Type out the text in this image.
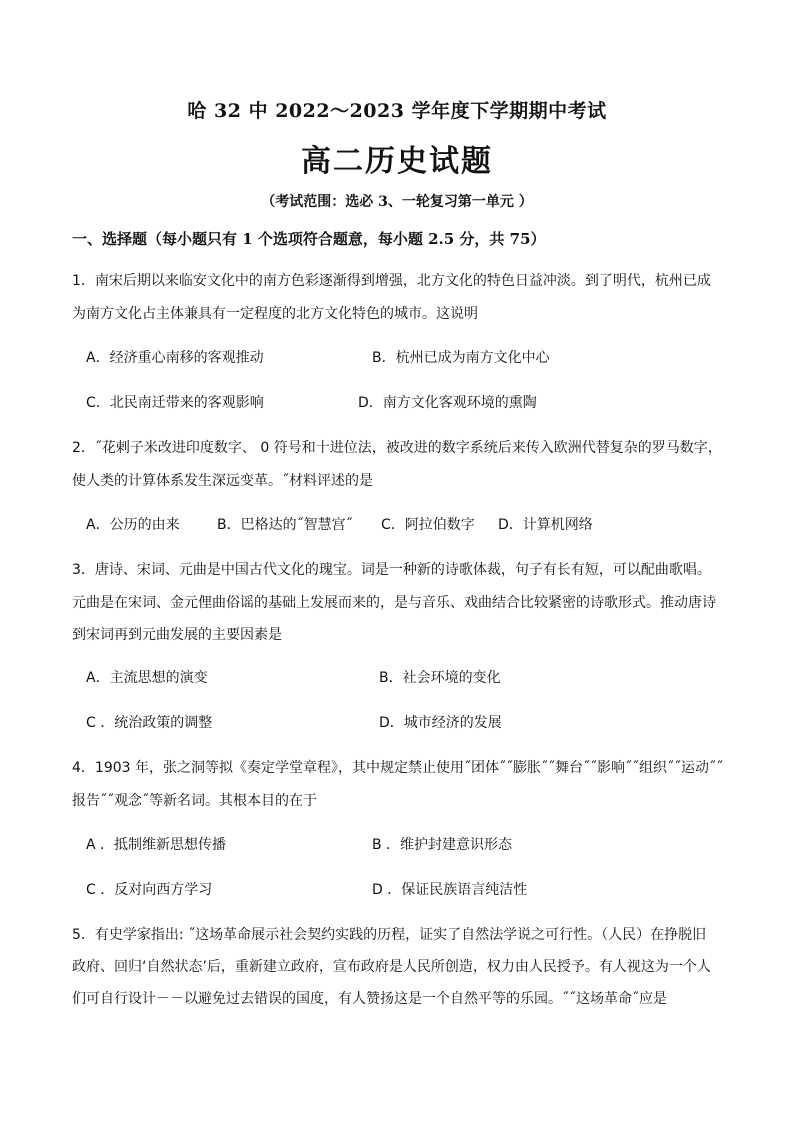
哈 32 中 2022～2023 学年度下学期期中考试
高二历史试题
（考试范围：选必 3、一轮复习第一单元 ）
一、选择题（每小题只有 1 个选项符合题意，每小题 2.5 分，共 75）
1．南宋后期以来临安文化中的南方色彩逐渐得到增强，北方文化的特色日益冲淡。到了明代，杭州已成
为南方文化占主体兼具有一定程度的北方文化特色的城市。这说明
A．经济重心南移的客观推动	B．杭州已成为南方文化中心
C．北民南迁带来的客观影响	D．南方文化客观环境的熏陶
2．˝花剌子米改进印度数字、 0 符号和十进位法，被改进的数字系统后来传入欧洲代替复杂的罗马数字，
使人类的计算体系发生深远变革。˝材料评述的是
A．公历的由来	B．巴格达的˝智慧宫˝ C．阿拉伯数字 D．计算机网络
3．唐诗、宋词、元曲是中国古代文化的瑰宝。词是一种新的诗歌体裁，句子有长有短，可以配曲歌唱。
元曲是在宋词、金元俚曲俗谣的基础上发展而来的，是与音乐、戏曲结合比较紧密的诗歌形式。推动唐诗
到宋词再到元曲发展的主要因素是
A．主流思想的演变	B．社会环境的变化
C ．统治政策的调整	D．城市经济的发展
4．1903 年，张之洞等拟《奏定学堂章程》，其中规定禁止使用˝团体˝˝膨胀˝˝舞台˝˝影响˝˝组织˝˝运动˝˝
报告˝˝观念˝等新名词。其根本目的在于
A ．抵制维新思想传播	B ．维护封建意识形态
C ．反对向西方学习	D ．保证民族语言纯洁性
5．有史学家指出: ˝这场革命展示社会契约实践的历程，证实了自然法学说之可行性。（人民）在挣脱旧
政府、回归‘自然状态’后，重新建立政府，宣布政府是人民所创造，权力由人民授予。有人视这为一个人
们可自行设计－－以避免过去错误的国度，有人赞扬这是一个自然平等的乐园。˝˝这场革命˝应是
